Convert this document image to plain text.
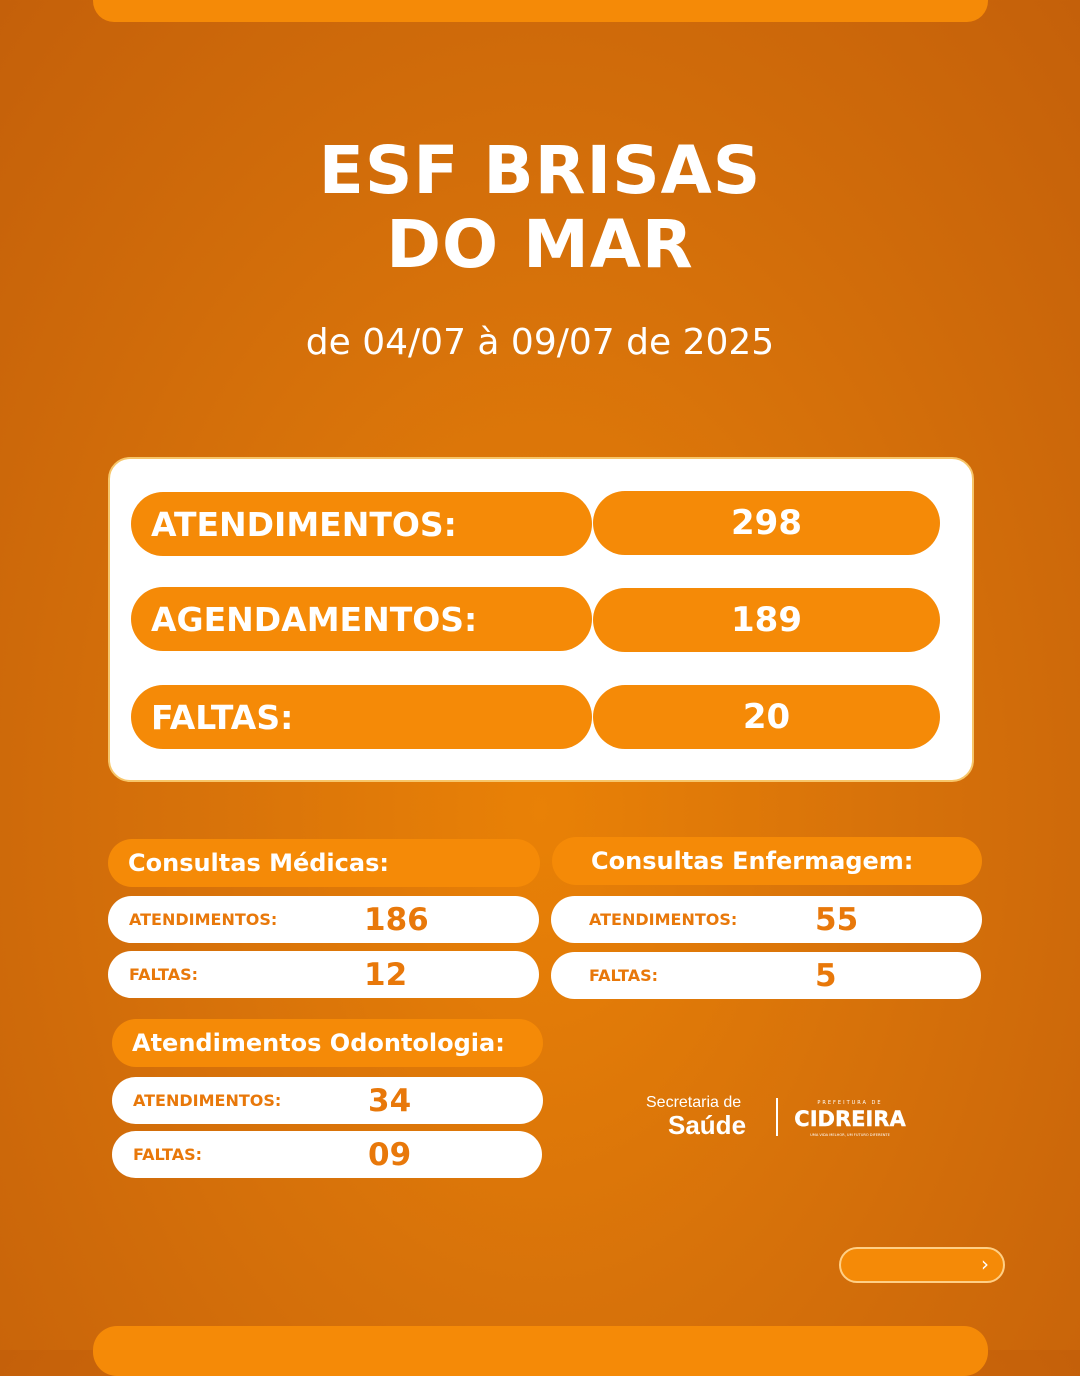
ESF BRISAS
DO MAR
de 04/07 à 09/07 de 2025
ATENDIMENTOS:	298
AGENDAMENTOS:	189
FALTAS:	20
Consultas Médicas:
ATENDIMENTOS:	186
FALTAS:	12
Consultas Enfermagem:
ATENDIMENTOS:	55
FALTAS:	5
Atendimentos Odontologia:
ATENDIMENTOS:	34
FALTAS:	09
Secretaria de
Saúde
PREFEITURA DE
CIDREIRA
UMA VIDA MELHOR, UM FUTURO DIFERENTE
›
